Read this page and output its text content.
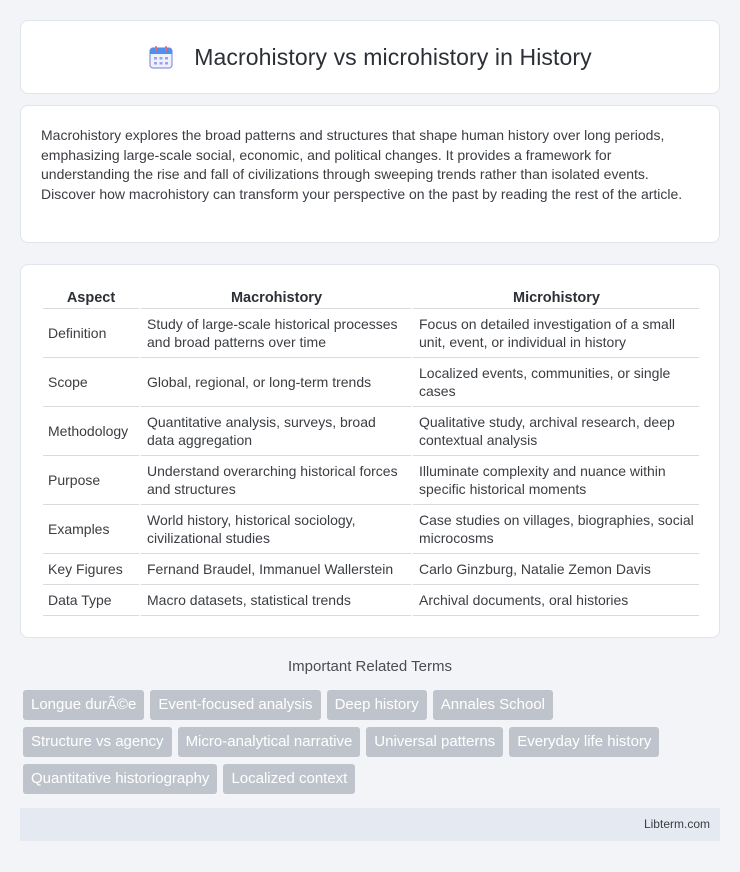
Macrohistory vs microhistory in History

Macrohistory explores the broad patterns and structures that shape human history over long periods, emphasizing large-scale social, economic, and political changes. It provides a framework for understanding the rise and fall of civilizations through sweeping trends rather than isolated events. Discover how macrohistory can transform your perspective on the past by reading the rest of the article.

Aspect	Macrohistory	Microhistory
Definition	Study of large-scale historical processes and broad patterns over time	Focus on detailed investigation of a small unit, event, or individual in history
Scope	Global, regional, or long-term trends	Localized events, communities, or single cases
Methodology	Quantitative analysis, surveys, broad data aggregation	Qualitative study, archival research, deep contextual analysis
Purpose	Understand overarching historical forces and structures	Illuminate complexity and nuance within specific historical moments
Examples	World history, historical sociology, civilizational studies	Case studies on villages, biographies, social microcosms
Key Figures	Fernand Braudel, Immanuel Wallerstein	Carlo Ginzburg, Natalie Zemon Davis
Data Type	Macro datasets, statistical trends	Archival documents, oral histories
Important Related Terms
Longue durÃ©e	Event-focused analysis	Deep history	Annales School
Structure vs agency	Micro-analytical narrative	Universal patterns	Everyday life history
Quantitative historiography	Localized context
Libterm.com
